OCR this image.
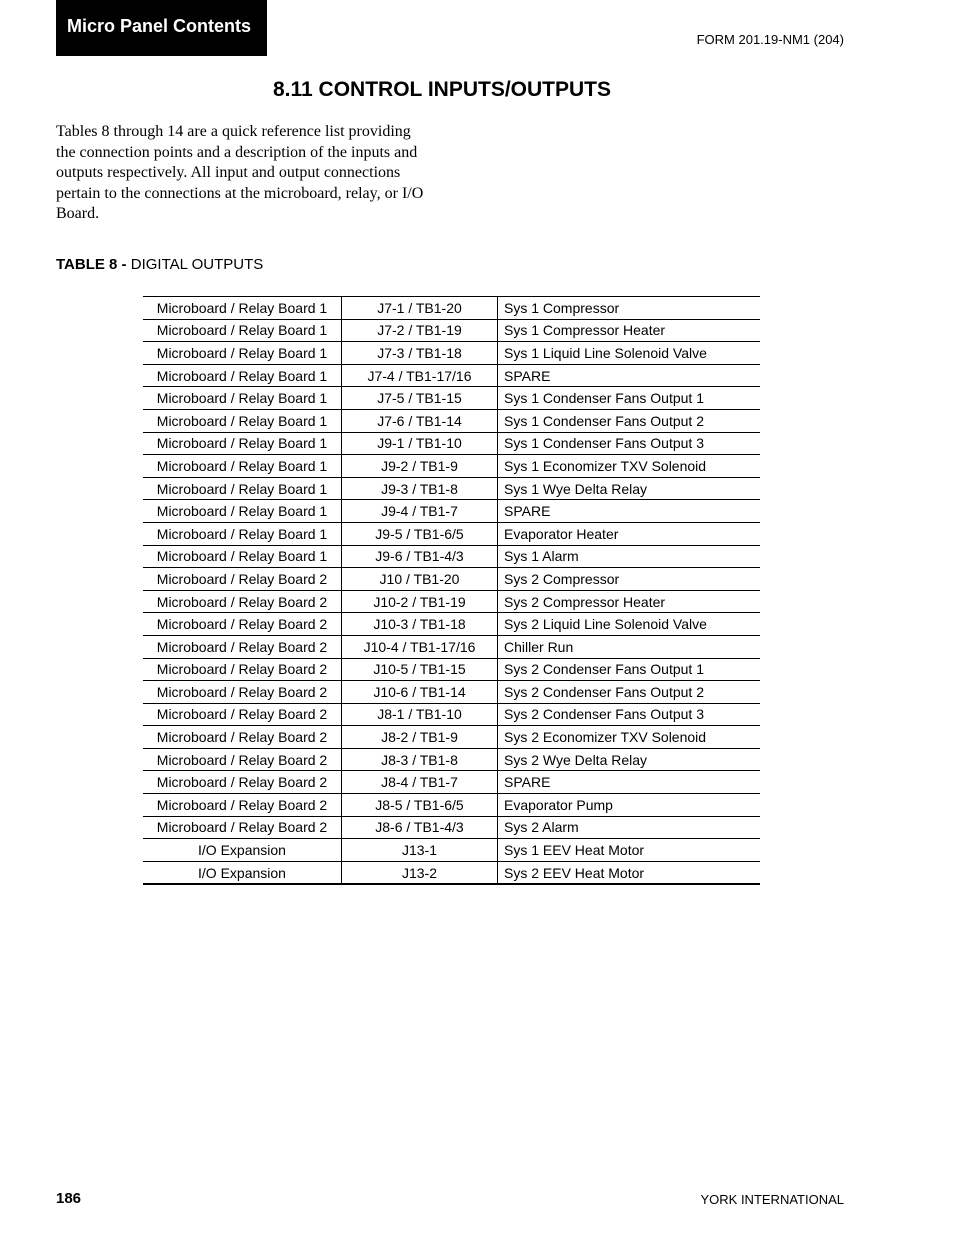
Micro Panel Contents
FORM 201.19-NM1 (204)
8.11 CONTROL INPUTS/OUTPUTS

Tables 8 through 14 are a quick reference list providing the connection points and a description of the inputs and outputs respectively. All input and output connections pertain to the connections at the microboard, relay, or I/O Board.

TABLE 8 - DIGITAL OUTPUTS
Microboard / Relay Board 1	J7-1 / TB1-20	Sys 1 Compressor
Microboard / Relay Board 1	J7-2 / TB1-19	Sys 1 Compressor Heater
Microboard / Relay Board 1	J7-3 / TB1-18	Sys 1 Liquid Line Solenoid Valve
Microboard / Relay Board 1	J7-4 / TB1-17/16	SPARE
Microboard / Relay Board 1	J7-5 / TB1-15	Sys 1 Condenser Fans Output 1
Microboard / Relay Board 1	J7-6 / TB1-14	Sys 1 Condenser Fans Output 2
Microboard / Relay Board 1	J9-1 / TB1-10	Sys 1 Condenser Fans Output 3
Microboard / Relay Board 1	J9-2 / TB1-9	Sys 1 Economizer TXV Solenoid
Microboard / Relay Board 1	J9-3 / TB1-8	Sys 1 Wye Delta Relay
Microboard / Relay Board 1	J9-4 / TB1-7	SPARE
Microboard / Relay Board 1	J9-5 / TB1-6/5	Evaporator Heater
Microboard / Relay Board 1	J9-6 / TB1-4/3	Sys 1 Alarm
Microboard / Relay Board 2	J10 / TB1-20	Sys 2 Compressor
Microboard / Relay Board 2	J10-2 / TB1-19	Sys 2 Compressor Heater
Microboard / Relay Board 2	J10-3 / TB1-18	Sys 2 Liquid Line Solenoid Valve
Microboard / Relay Board 2	J10-4 / TB1-17/16	Chiller Run
Microboard / Relay Board 2	J10-5 / TB1-15	Sys 2 Condenser Fans Output 1
Microboard / Relay Board 2	J10-6 / TB1-14	Sys 2 Condenser Fans Output 2
Microboard / Relay Board 2	J8-1 / TB1-10	Sys 2 Condenser Fans Output 3
Microboard / Relay Board 2	J8-2 / TB1-9	Sys 2 Economizer TXV Solenoid
Microboard / Relay Board 2	J8-3 / TB1-8	Sys 2 Wye Delta Relay
Microboard / Relay Board 2	J8-4 / TB1-7	SPARE
Microboard / Relay Board 2	J8-5 / TB1-6/5	Evaporator Pump
Microboard / Relay Board 2	J8-6 / TB1-4/3	Sys 2 Alarm
I/O Expansion	J13-1	Sys 1 EEV Heat Motor
I/O Expansion	J13-2	Sys 2 EEV Heat Motor
186	YORK INTERNATIONAL
